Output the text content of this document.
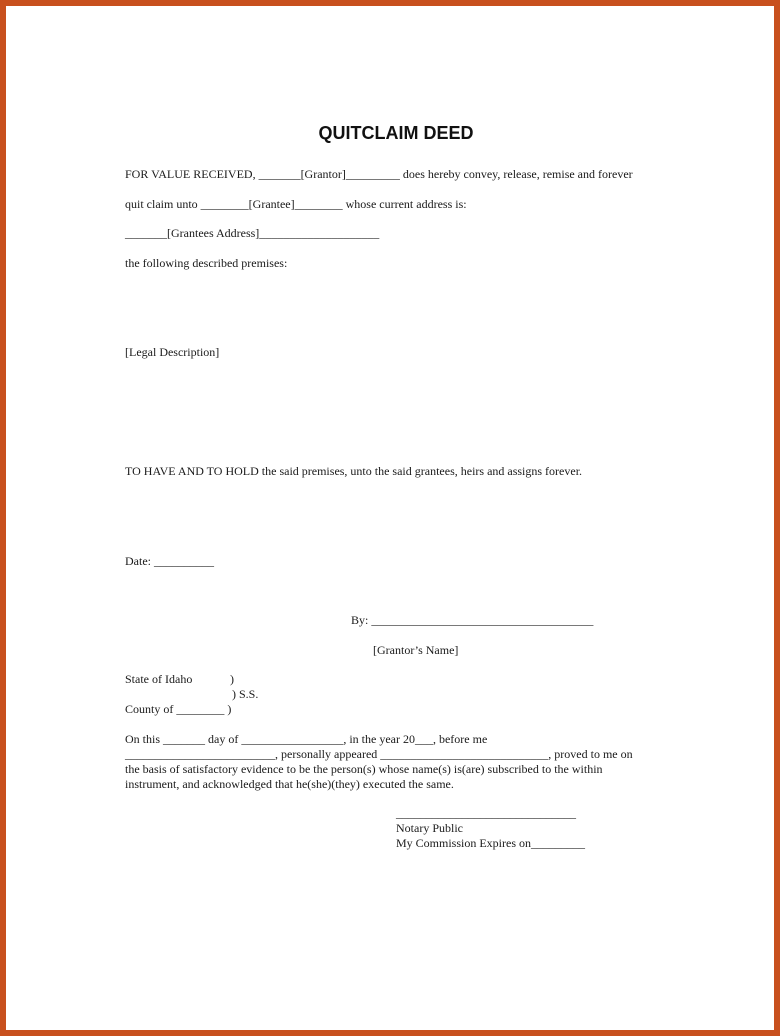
QUITCLAIM DEED
FOR VALUE RECEIVED, _______[Grantor]_________ does hereby convey, release, remise and forever
quit claim unto ________[Grantee]________ whose current address is:
_______[Grantees Address]____________________
the following described premises:
[Legal Description]
TO HAVE AND TO HOLD the said premises, unto the said grantees, heirs and assigns forever.
Date: __________
By: _____________________________________
[Grantor’s Name]
State of Idaho	)
) S.S.
County of ________ )
On this _______ day of _________________, in the year 20___, before me
_________________________, personally appeared ____________________________, proved to me on
the basis of satisfactory evidence to be the person(s) whose name(s) is(are) subscribed to the within
instrument, and acknowledged that he(she)(they) executed the same.
______________________________
Notary Public
My Commission Expires on_________
